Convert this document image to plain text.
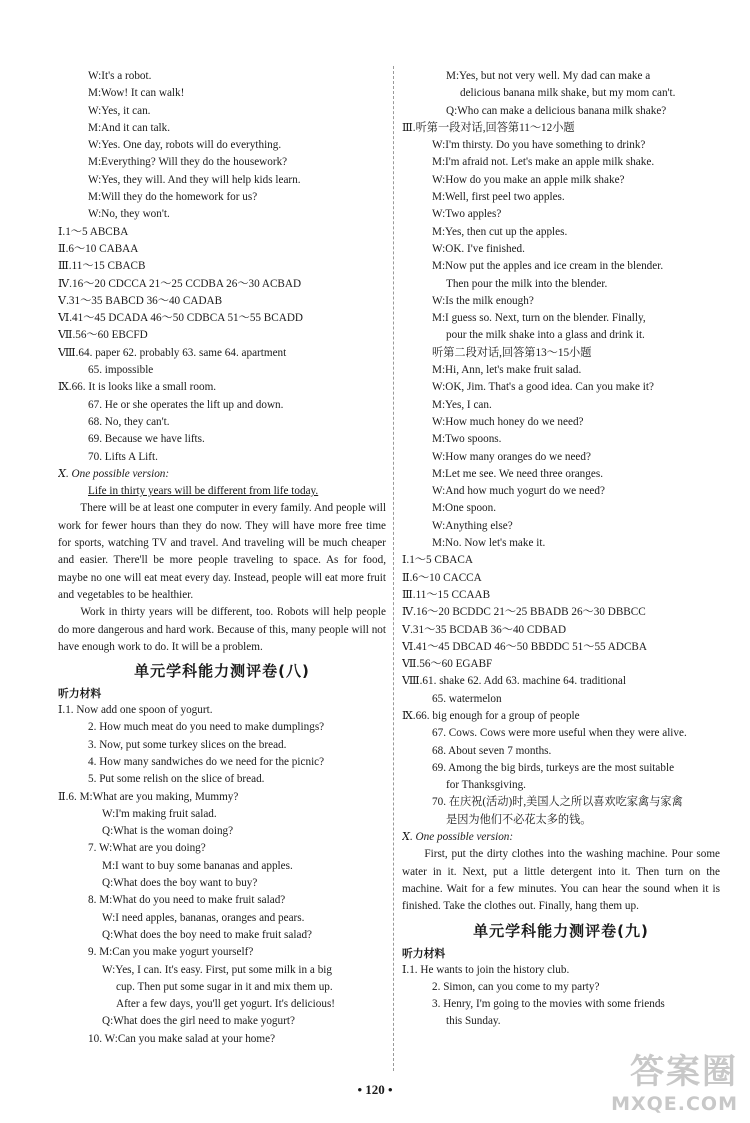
W:It's a robot.
M:Wow! It can walk!
W:Yes, it can.
M:And it can talk.
W:Yes. One day, robots will do everything.
M:Everything? Will they do the housework?
W:Yes, they will. And they will help kids learn.
M:Will they do the homework for us?
W:No, they won't.
Ⅰ.1～5 ABCBA
Ⅱ.6～10 CABAA
Ⅲ.11～15 CBACB
Ⅳ.16～20 CDCCA 21～25 CCDBA 26～30 ACBAD
Ⅴ.31～35 BABCD 36～40 CADAB
Ⅵ.41～45 DCADA 46～50 CDBCA 51～55 BCADD
Ⅶ.56～60 EBCFD
Ⅷ.64. paper 62. probably 63. same 64. apartment
65. impossible
Ⅸ.66. It is looks like a small room.
67. He or she operates the lift up and down.
68. No, they can't.
69. Because we have lifts.
70. Lifts A Lift.
Ⅹ. One possible version:
Life in thirty years will be different from life today.

There will be at least one computer in every family. And people will work for fewer hours than they do now. They will have more free time for sports, watching TV and travel. And traveling will be much cheaper and easier. There'll be more people traveling to space. As for food, maybe no one will eat meat every day. Instead, people will eat more fruit and vegetables to be healthier.

Work in thirty years will be different, too. Robots will help people do more dangerous and hard work. Because of this, many people will not have enough work to do. It will be a problem.

单元学科能力测评卷(八)
听力材料
Ⅰ.1. Now add one spoon of yogurt.
2. How much meat do you need to make dumplings?
3. Now, put some turkey slices on the bread.
4. How many sandwiches do we need for the picnic?
5. Put some relish on the slice of bread.
Ⅱ.6. M:What are you making, Mummy?
W:I'm making fruit salad.
Q:What is the woman doing?
7. W:What are you doing?
M:I want to buy some bananas and apples.
Q:What does the boy want to buy?
8. M:What do you need to make fruit salad?
W:I need apples, bananas, oranges and pears.
Q:What does the boy need to make fruit salad?
9. M:Can you make yogurt yourself?
W:Yes, I can. It's easy. First, put some milk in a big
cup. Then put some sugar in it and mix them up.
After a few days, you'll get yogurt. It's delicious!
Q:What does the girl need to make yogurt?
10. W:Can you make salad at your home?
M:Yes, but not very well. My dad can make a
delicious banana milk shake, but my mom can't.
Q:Who can make a delicious banana milk shake?
Ⅲ.听第一段对话,回答第11～12小题
W:I'm thirsty. Do you have something to drink?
M:I'm afraid not. Let's make an apple milk shake.
W:How do you make an apple milk shake?
M:Well, first peel two apples.
W:Two apples?
M:Yes, then cut up the apples.
W:OK. I've finished.
M:Now put the apples and ice cream in the blender.
Then pour the milk into the blender.
W:Is the milk enough?
M:I guess so. Next, turn on the blender. Finally,
pour the milk shake into a glass and drink it.
听第二段对话,回答第13～15小题
M:Hi, Ann, let's make fruit salad.
W:OK, Jim. That's a good idea. Can you make it?
M:Yes, I can.
W:How much honey do we need?
M:Two spoons.
W:How many oranges do we need?
M:Let me see. We need three oranges.
W:And how much yogurt do we need?
M:One spoon.
W:Anything else?
M:No. Now let's make it.
Ⅰ.1～5 CBACA
Ⅱ.6～10 CACCA
Ⅲ.11～15 CCAAB
Ⅳ.16～20 BCDDC 21～25 BBADB 26～30 DBBCC
Ⅴ.31～35 BCDAB 36～40 CDBAD
Ⅵ.41～45 DBCAD 46～50 BBDDC 51～55 ADCBA
Ⅶ.56～60 EGABF
Ⅷ.61. shake 62. Add 63. machine 64. traditional
65. watermelon
Ⅸ.66. big enough for a group of people
67. Cows. Cows were more useful when they were alive.
68. About seven 7 months.
69. Among the big birds, turkeys are the most suitable
for Thanksgiving.
70. 在庆祝(活动)时,美国人之所以喜欢吃家禽与家禽
是因为他们不必花太多的钱。
Ⅹ. One possible version:

First, put the dirty clothes into the washing machine. Pour some water in it. Next, put a little detergent into it. Then turn on the machine. Wait for a few minutes. You can hear the sound when it is finished. Take the clothes out. Finally, hang them up.

单元学科能力测评卷(九)
听力材料
Ⅰ.1. He wants to join the history club.
2. Simon, can you come to my party?
3. Henry, I'm going to the movies with some friends
this Sunday.
• 120 •	答案圈
MXQE.COM
